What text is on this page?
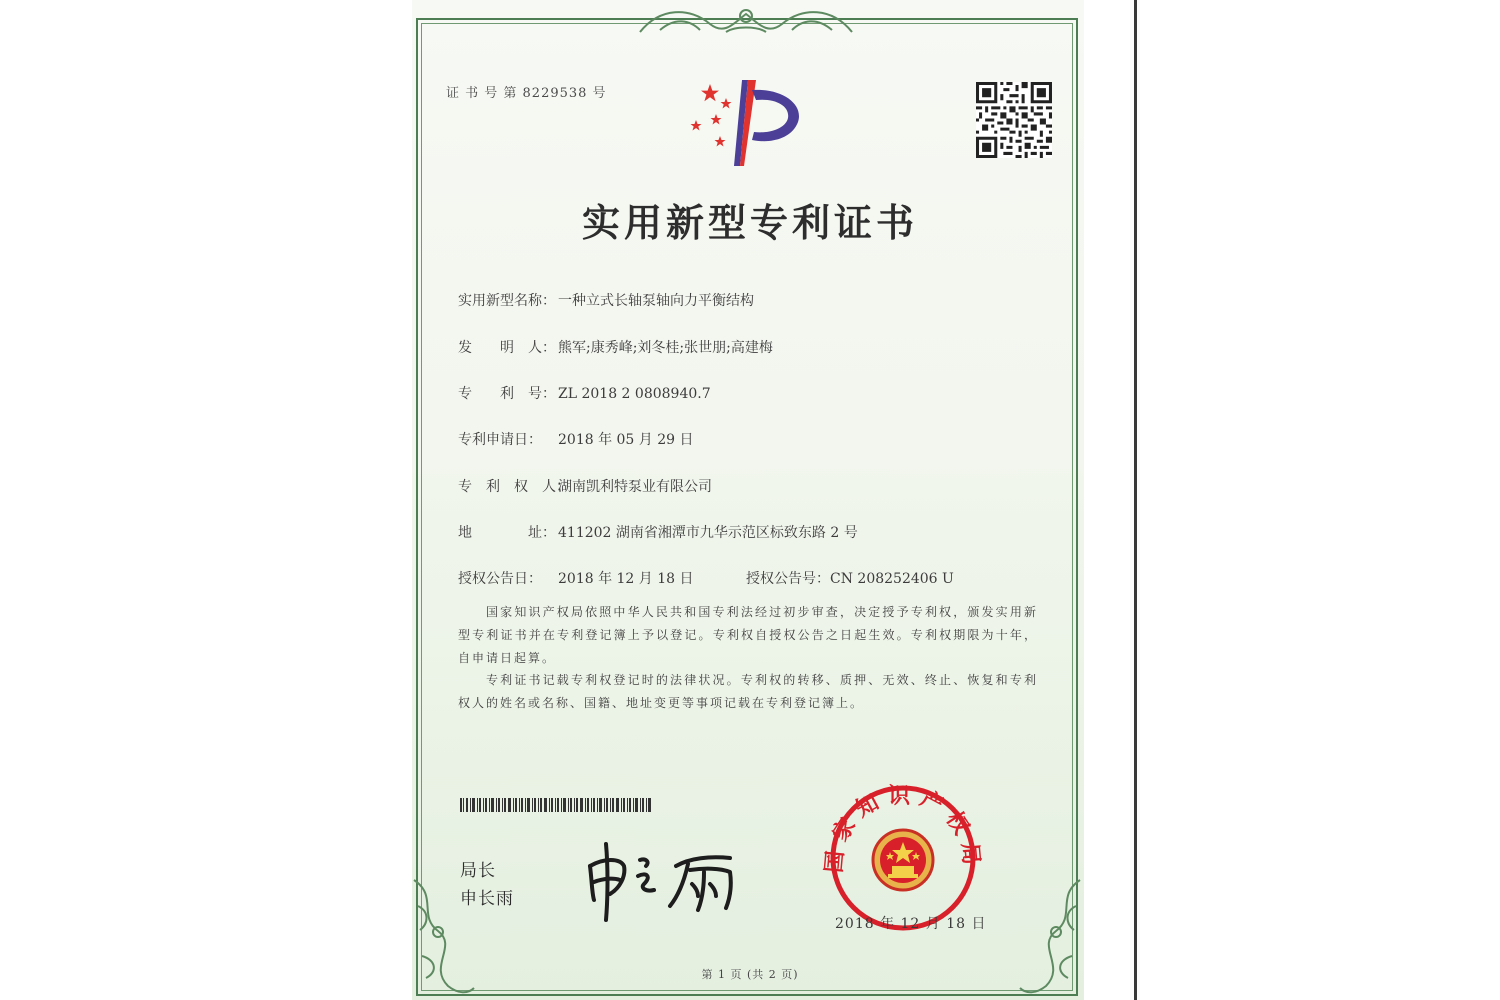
证 书 号 第 8229538 号
实用新型专利证书
实用新型名称： 一种立式长轴泵轴向力平衡结构
发　　明　人： 熊军;康秀峰;刘冬桂;张世朋;高建梅
专　　利　号： ZL 2018 2 0808940.7
专利申请日： 2018 年 05 月 29 日
专　利　权　人：湖南凯利特泵业有限公司
地　　　　址： 411202 湖南省湘潭市九华示范区标致东路 2 号
授权公告日： 2018 年 12 月 18 日	授权公告号：CN 208252406 U
国家知识产权局依照中华人民共和国专利法经过初步审查，决定授予专利权，颁发实用新型专利证书并在专利登记簿上予以登记。专利权自授权公告之日起生效。专利权期限为十年，自申请日起算。
专利证书记载专利权登记时的法律状况。专利权的转移、质押、无效、终止、恢复和专利权人的姓名或名称、国籍、地址变更等事项记载在专利登记簿上。
局长
申长雨
国家知识产权局
2018 年 12 月 18 日
第 1 页 (共 2 页)
